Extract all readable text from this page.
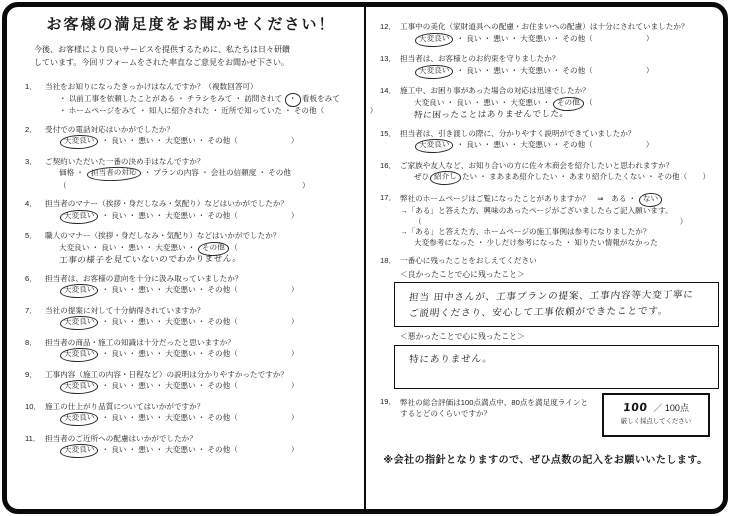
お客様の満足度をお聞かせください！
今後、お客様により良いサービスを提供するために、私たちは日々研鑽
しています。今回リフォームをされた率直なご意見をお聞かせ下さい。
1． 当社をお知りになったきっかけはなんですか？（複数回答可）
・ 以前工事を依頼したことがある ・ チラシをみて ・ 訪問されて ・ 看板をみて
・ ホームページをみて ・ 知人に紹介された ・ 近所で知っていた ・ その他（　　　　　　	）
2． 受付での電話対応はいかがでしたか？
大変良い ・ 良い ・ 悪い ・ 大変悪い ・ その他（　　　　　　　	）
3． ご契約いただいた一番の決め手はなんですか？
価格 ・ 担当者の対応 ・ プランの内容 ・ 会社の信頼度 ・ その他
（　　　　　　　　　　　　　　　　　　　　　　　　　　　　　　　	）
4． 担当者のマナー（挨拶・身だしなみ・気配り）などはいかがでしたか？
大変良い ・ 良い ・ 悪い ・ 大変悪い ・ その他（　　　　　　　	）
5． 職人のマナー（挨拶・身だしなみ・気配り）などはいかがでしたか？
大変良い ・ 良い ・ 悪い ・ 大変悪い ・ その他 （工事の様子を見ていないのでわかりません。
6． 担当者は、お客様の意向を十分に汲み取っていましたか？
大変良い ・ 良い ・ 悪い ・ 大変悪い ・ その他（　　　　　　　	）
7． 当社の提案に対して十分納得されていますか？
大変良い ・ 良い ・ 悪い ・ 大変悪い ・ その他（　　　　　　　	）
8． 担当者の商品・施工の知識は十分だったと思いますか？
大変良い ・ 良い ・ 悪い ・ 大変悪い ・ その他（　　　　　　　	）
9． 工事内容（施工の内容・日程など）の説明は分かりやすかったですか？
大変良い ・ 良い ・ 悪い ・ 大変悪い ・ その他（　　　　　　　	）
10． 施工の仕上がり品質についてはいかがですか？
大変良い ・ 良い ・ 悪い ・ 大変悪い ・ その他（　　　　　　　	）
11． 担当者のご近所への配慮はいかがでしたか？
大変良い ・ 良い ・ 悪い ・ 大変悪い ・ その他（　　　　　　　	）
12． 工事中の美化（家財道具への配慮・お住まいへの配慮）は十分にされていましたか？
大変良い ・ 良い ・ 悪い ・ 大変悪い ・ その他（　　　　　　　	）
13． 担当者は、お客様とのお約束を守りましたか？
大変良い ・ 良い ・ 悪い ・ 大変悪い ・ その他（　　　　　　　	）
14． 施工中、お困り事があった場合の対応は迅速でしたか？
大変良い ・ 良い ・ 悪い ・ 大変悪い ・ その他 （特に困ったことはありませんでした。
15． 担当者は、引き渡しの際に、分かりやすく説明ができていましたか？
大変良い ・ 良い ・ 悪い ・ 大変悪い ・ その他（　　　　　　　	）
16． ご家族や友人など、お知り合いの方に佐々木商会を紹介したいと思われますか？
ぜひ 紹介し たい ・ まあまあ紹介したい ・ あまり紹介したくない ・ その他（　　 ）
17． 弊社のホームページはご覧になったことがありますか？　⇒　ある ・ ない
→「ある」と答えた方、興味のあったページがございましたらご記入願います。
（　　　　　　　　　　　　　　　　　　　　　　　　　　　　　　　　　　	）
→「ある」と答えた方、ホームページの施工事例は参考になりましたか？
大変参考になった ・ 少しだけ参考になった ・ 知りたい情報がなかった
18． 一番心に残ったことをおしえてください
＜良かったことで心に残ったこと＞
担当 田中さんが、工事プランの提案、工事内容等大変丁寧に ご説明くださり、安心して工事依頼ができたことです。
＜悪かったことで心に残ったこと＞
特にありません。
19． 弊社の総合評価は100点満点中、80点を満足度ラインと
するとどのくらいですか？	100 ／ 100点
厳しく採点してください
※会社の指針となりますので、ぜひ点数の記入をお願いいたします。
